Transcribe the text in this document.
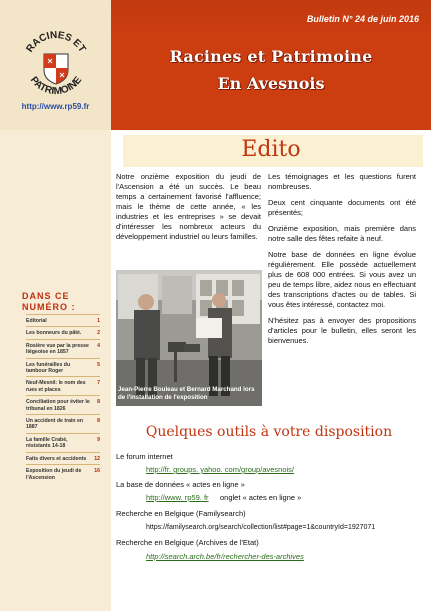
Bulletin N° 24 de juin 2016
Racines et Patrimoine
En Avesnois
RACINES ET
PATRIMOINE
http://www.rp59.fr
DANS CE NUMÉRO :
Editorial	1
Les bonneurs du pâté.	2
Rosière vue par la presse liégeoise en 1857
4
Les funérailles du tambour Roger
5
Neuf-Mesnil: le nom des rues et places
7
Conciliation pour éviter le tribunal en 1826
8
Un accident de train en 1887
8
La famille Crabé, résistants 14-18
9
Faits divers et accidents 12
Exposition du jeudi de l'Ascension
16
Edito

Notre onzième exposition du jeudi de l'Ascension a été un succès. Le beau temps a certainement favorisé l'affluence; mais le thème de cette année, « les industries et les entreprises » se devait d'intéresser les nombreux acteurs du développement industriel ou leurs familles.

Jean-Pierre Bouleau et Bernard Marchand lors de l'installation de l'exposition

Les témoignages et les questions furent nombreuses.

Deux cent cinquante documents ont été présentés;

Onzième exposition, mais première dans notre salle des fêtes refaite à neuf.

Notre base de données en ligne évolue régulièrement. Elle possède actuellement plus de 608 000 entrées. Si vous avez un peu de temps libre, aidez nous en effectuant des transcriptions d'actes ou de tables. Si vous êtes intéressé, contactez moi.

N'hésitez pas à envoyer des propositions d'articles pour le bulletin, elles seront les bienvenues.

Quelques outils à votre disposition
Le forum internet
http://fr. groups. yahoo. com/group/avesnois/
La base de données « actes en ligne »
http://www. rp59. fr onglet « actes en ligne »
Recherche en Belgique (Familysearch)
https://familysearch.org/search/collection/list#page=1&countryId=1927071
Recherche en Belgique (Archives de l'Etat)
http://search.arch.be/fr/rechercher-des-archives
